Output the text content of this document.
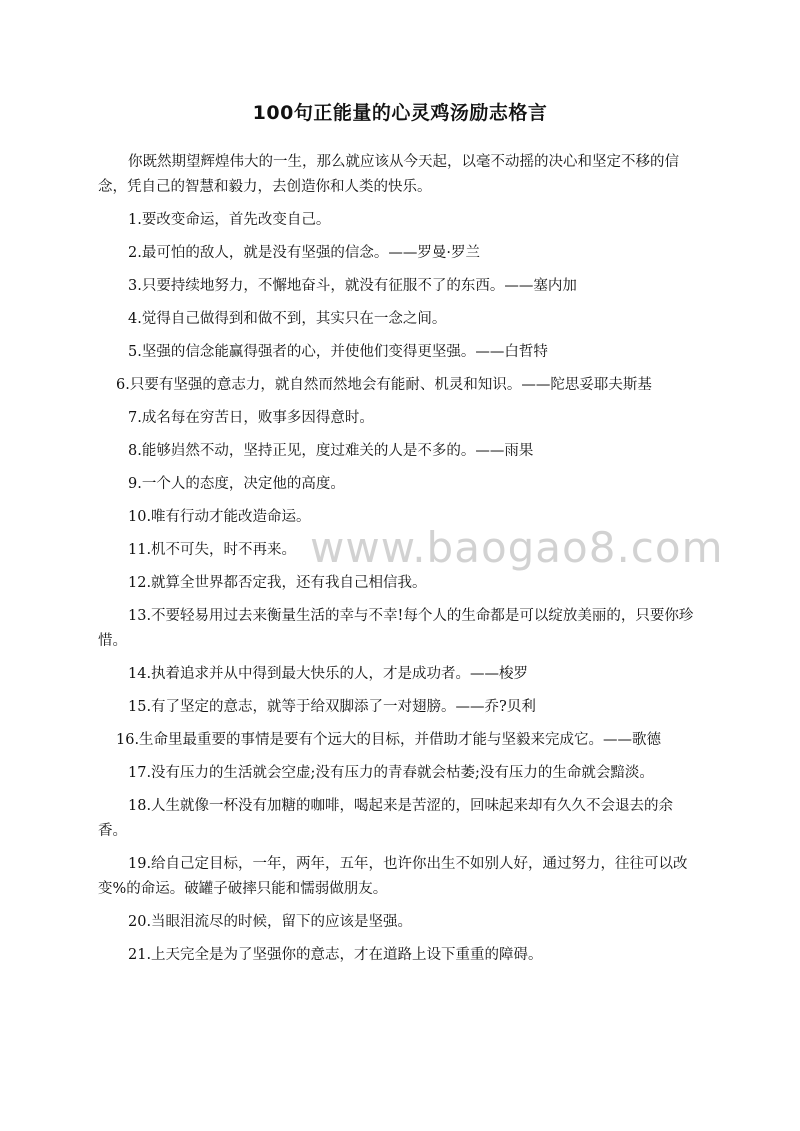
100句正能量的心灵鸡汤励志格言
www.baogao8.com

你既然期望辉煌伟大的一生，那么就应该从今天起，以毫不动摇的决心和坚定不移的信念，凭自己的智慧和毅力，去创造你和人类的快乐。

1.要改变命运，首先改变自己。

2.最可怕的敌人，就是没有坚强的信念。——罗曼·罗兰

3.只要持续地努力，不懈地奋斗，就没有征服不了的东西。——塞内加

4.觉得自己做得到和做不到，其实只在一念之间。

5.坚强的信念能赢得强者的心，并使他们变得更坚强。——白哲特

6.只要有坚强的意志力，就自然而然地会有能耐、机灵和知识。——陀思妥耶夫斯基

7.成名每在穷苦日，败事多因得意时。

8.能够岿然不动，坚持正见，度过难关的人是不多的。——雨果

9.一个人的态度，决定他的高度。

10.唯有行动才能改造命运。

11.机不可失，时不再来。

12.就算全世界都否定我，还有我自己相信我。

13.不要轻易用过去来衡量生活的幸与不幸!每个人的生命都是可以绽放美丽的，只要你珍惜。

14.执着追求并从中得到最大快乐的人，才是成功者。——梭罗

15.有了坚定的意志，就等于给双脚添了一对翅膀。——乔?贝利

16.生命里最重要的事情是要有个远大的目标，并借助才能与坚毅来完成它。——歌德

17.没有压力的生活就会空虚;没有压力的青春就会枯萎;没有压力的生命就会黯淡。

18.人生就像一杯没有加糖的咖啡，喝起来是苦涩的，回味起来却有久久不会退去的余香。

19.给自己定目标，一年，两年，五年，也许你出生不如别人好，通过努力，往往可以改变%的命运。破罐子破摔只能和懦弱做朋友。

20.当眼泪流尽的时候，留下的应该是坚强。

21.上天完全是为了坚强你的意志，才在道路上设下重重的障碍。
